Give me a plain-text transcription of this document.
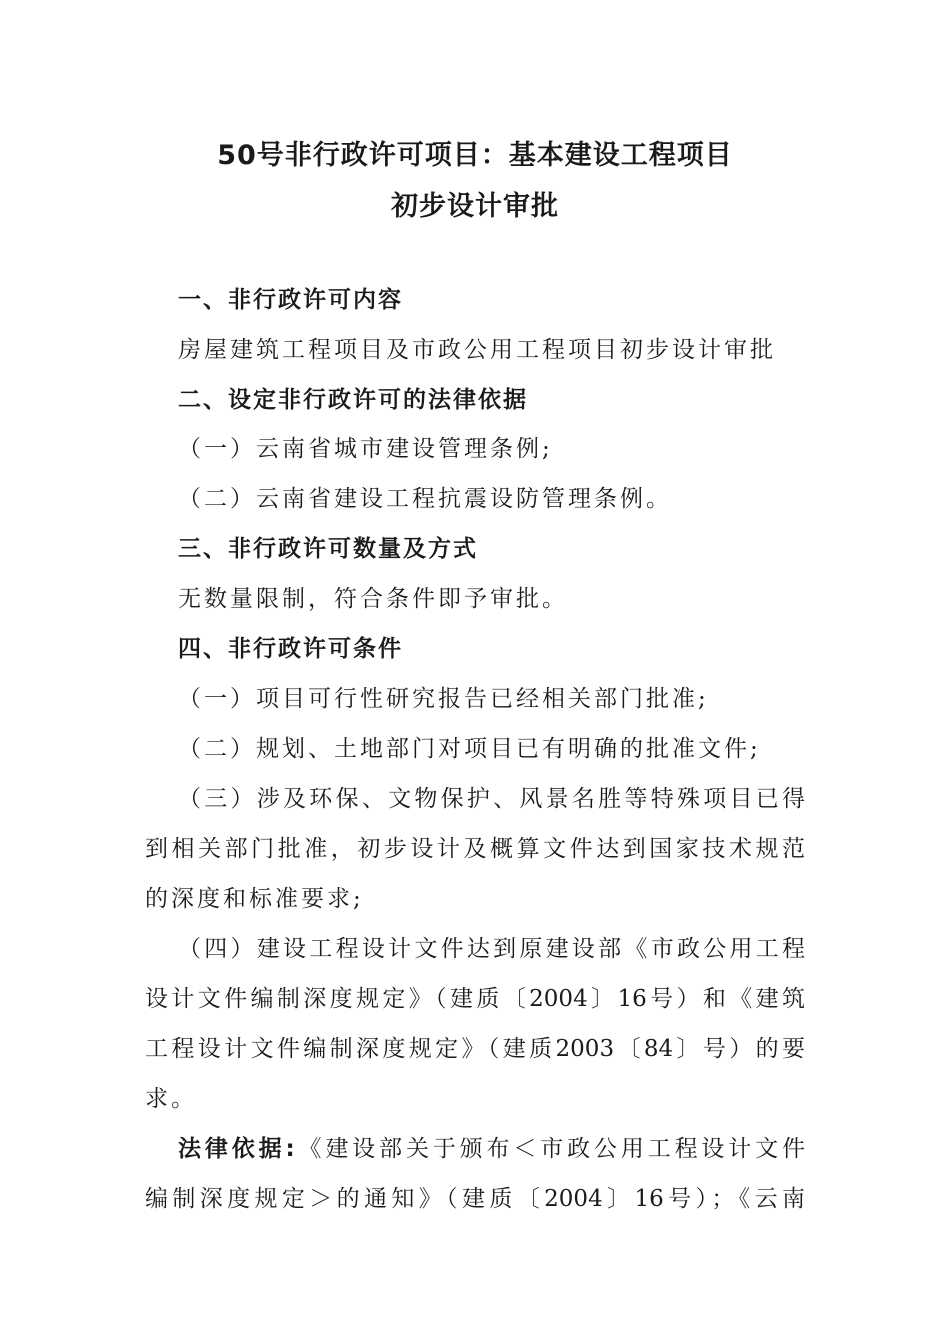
50号非行政许可项目：基本建设工程项目
初步设计审批
一、非行政许可内容
房屋建筑工程项目及市政公用工程项目初步设计审批
二、设定非行政许可的法律依据
（一）云南省城市建设管理条例;
（二）云南省建设工程抗震设防管理条例。
三、非行政许可数量及方式
无数量限制，符合条件即予审批。
四、非行政许可条件
（一）项目可行性研究报告已经相关部门批准;
（二）规划、土地部门对项目已有明确的批准文件;
（三）涉及环保、文物保护、风景名胜等特殊项目已得
到相关部门批准，初步设计及概算文件达到国家技术规范
的深度和标准要求;
（四）建设工程设计文件达到原建设部《市政公用工程
设计文件编制深度规定》（建质〔2004〕16号）和《建筑
工程设计文件编制深度规定》（建质2003〔84〕号）的要
求。
法律依据:《建设部关于颁布＜市政公用工程设计文件
编制深度规定＞的通知》（建质〔2004〕16号）；《云南
